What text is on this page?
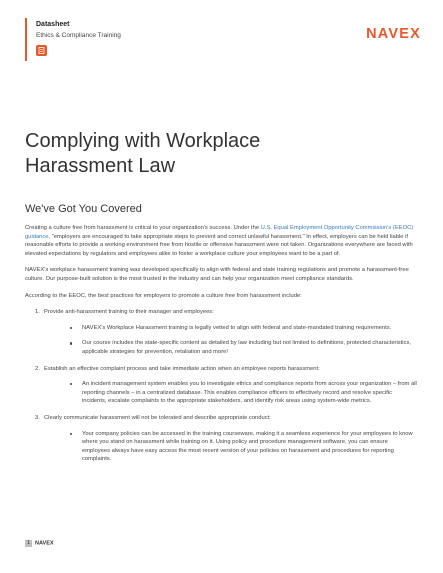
Datasheet
Ethics & Compliance Training	NAVEX
Complying with Workplace
Harassment Law
We've Got You Covered

Creating a culture free from harassment is critical to your organization's success. Under the U.S. Equal Employment Opportunity Commission's (EEOC) guidance, "employers are encouraged to take appropriate steps to prevent and correct unlawful harassment." In effect, employers can be held liable if reasonable efforts to provide a working environment free from hostile or offensive harassment were not taken. Organizations everywhere are faced with elevated expectations by regulators and employees alike to foster a workplace culture your employees want to be a part of.

NAVEX's workplace harassment training was developed specifically to align with federal and state training regulations and promote a harassment-free culture. Our purpose-built solution is the most trusted in the industry and can help your organization meet compliance standards.

According to the EEOC, the best practices for employers to promote a culture free from harassment include:

1. Provide anti-harassment training to their manager and employees:
NAVEX's Workplace Harassment training is legally vetted to align with federal and state-mandated training requirements.
Our course includes the state-specific content as detailed by law including but not limited to definitions, protected characteristics, applicable strategies for prevention, retaliation and more!
2. Establish an effective complaint process and take immediate action when an employee reports harassment:
An incident management system enables you to investigate ethics and compliance reports from across your organization – from all reporting channels – in a centralized database. This enables compliance officers to effectively record and resolve specific incidents, escalate complaints to the appropriate stakeholders, and identify risk areas using system-wide metrics.
3. Clearly communicate harassment will not be tolerated and describe appropriate conduct:
Your company policies can be accessed in the training courseware, making it a seamless experience for your employees to know where you stand on harassment while training on it. Using policy and procedure management software, you can ensure employees always have easy access the most recent version of your policies on harassment and procedures for reporting complaints.
1 NAVEX
